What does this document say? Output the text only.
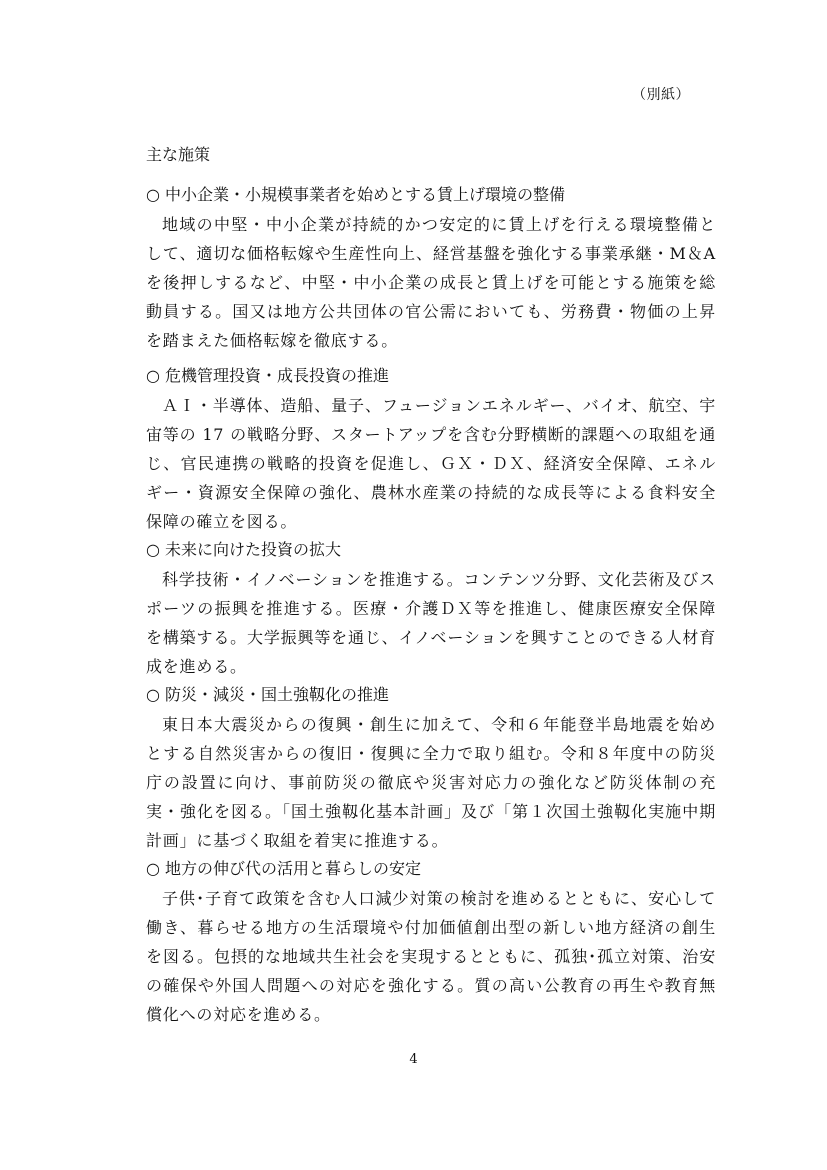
（別紙）
主な施策
○ 中小企業・小規模事業者を始めとする賃上げ環境の整備
地域の中堅・中小企業が持続的かつ安定的に賃上げを行える環境整備として、適切な価格転嫁や生産性向上、経営基盤を強化する事業承継・M＆Aを後押しするなど、中堅・中小企業の成長と賃上げを可能とする施策を総動員する。国又は地方公共団体の官公需においても、労務費・物価の上昇を踏まえた価格転嫁を徹底する。
○ 危機管理投資・成長投資の推進
ＡＩ・半導体、造船、量子、フュージョンエネルギー、バイオ、航空、宇宙等の 17 の戦略分野、スタートアップを含む分野横断的課題への取組を通じ、官民連携の戦略的投資を促進し、ＧＸ・ＤＸ、経済安全保障、エネルギー・資源安全保障の強化、農林水産業の持続的な成長等による食料安全保障の確立を図る。
○ 未来に向けた投資の拡大
科学技術・イノベーションを推進する。コンテンツ分野、文化芸術及びスポーツの振興を推進する。医療・介護ＤＸ等を推進し、健康医療安全保障を構築する。大学振興等を通じ、イノベーションを興すことのできる人材育成を進める。
○ 防災・減災・国土強靱化の推進
東日本大震災からの復興・創生に加えて、令和６年能登半島地震を始めとする自然災害からの復旧・復興に全力で取り組む。令和８年度中の防災庁の設置に向け、事前防災の徹底や災害対応力の強化など防災体制の充実・強化を図る。「国土強靱化基本計画」及び「第１次国土強靱化実施中期計画」に基づく取組を着実に推進する。
○ 地方の伸び代の活用と暮らしの安定
子供･子育て政策を含む人口減少対策の検討を進めるとともに、安心して働き、暮らせる地方の生活環境や付加価値創出型の新しい地方経済の創生を図る。包摂的な地域共生社会を実現するとともに、孤独･孤立対策、治安の確保や外国人問題への対応を強化する。質の高い公教育の再生や教育無償化への対応を進める。
4
